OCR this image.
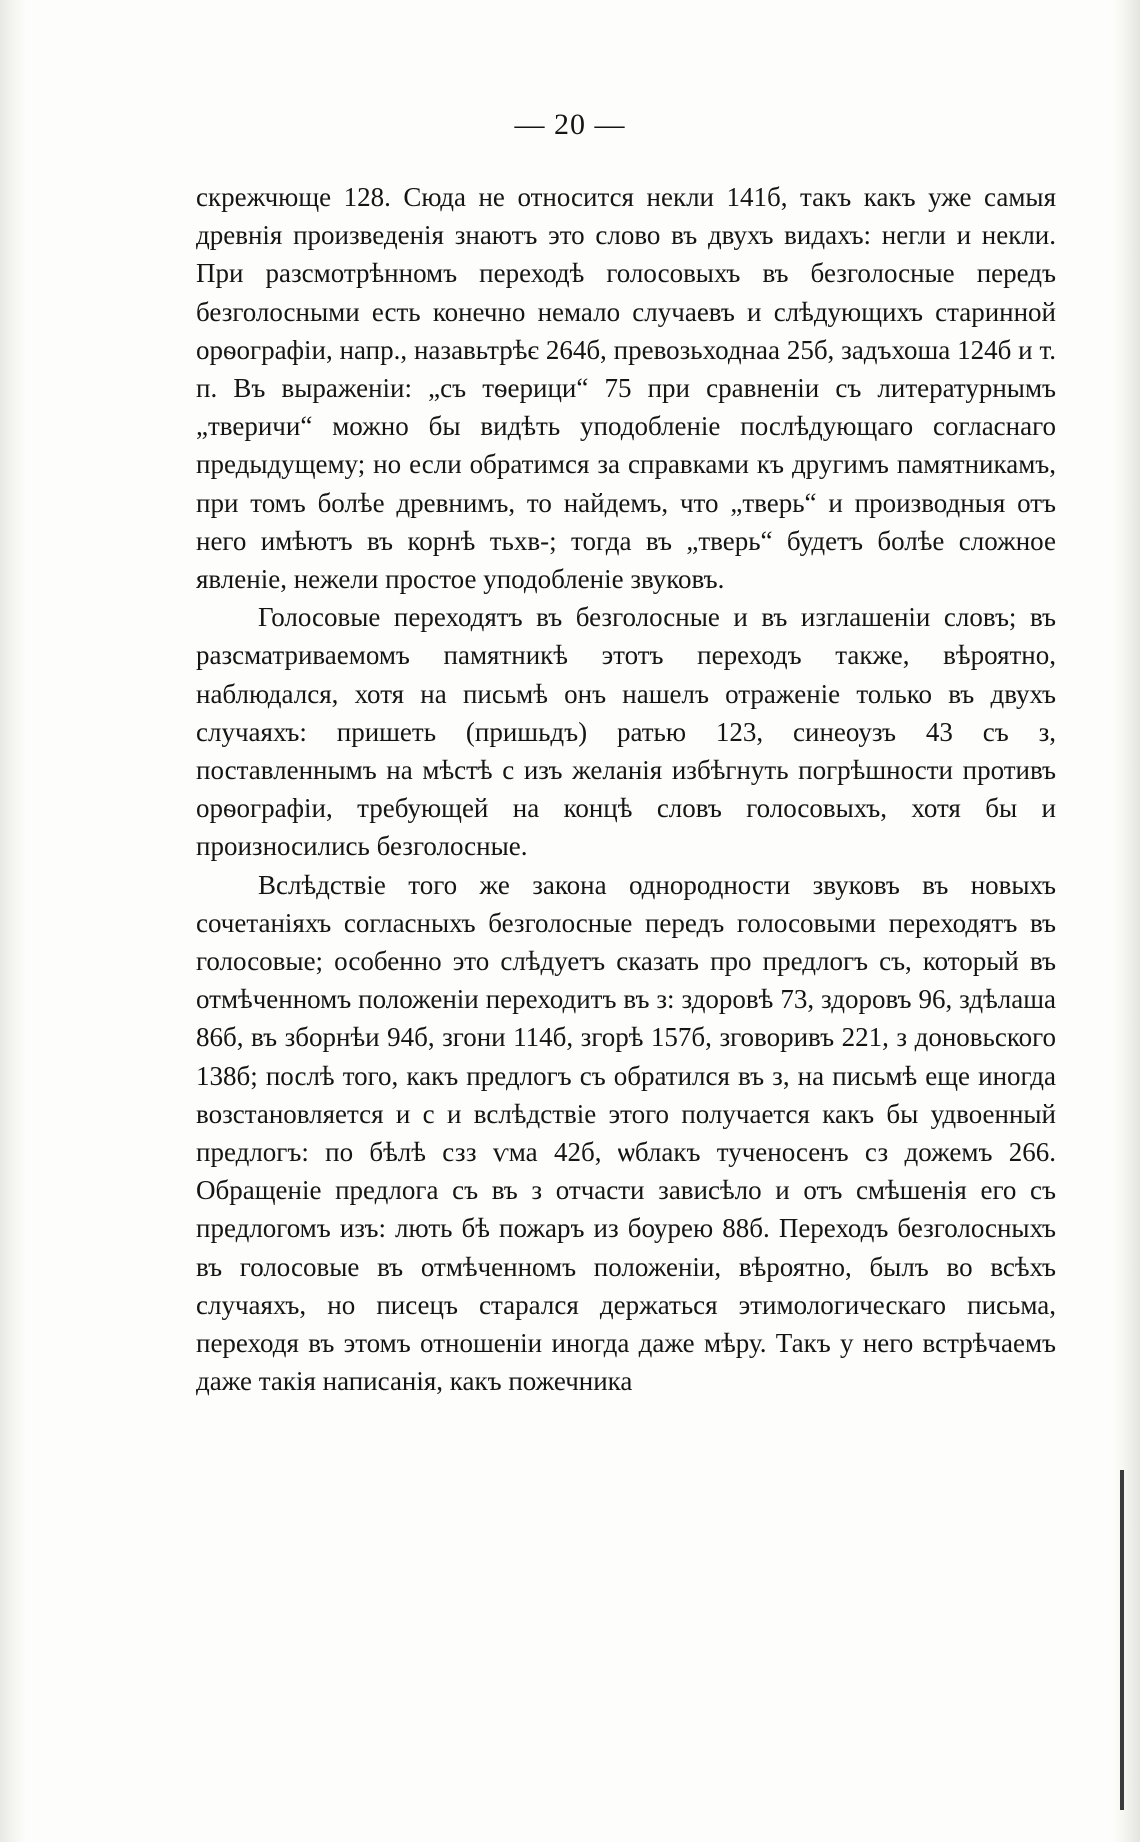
— 20 —

скрежчюще 128. Сюда не относится некли 141б, такъ какъ уже самыя древнія произведенія знаютъ это слово въ двухъ видахъ: негли и некли. При разсмотрѣнномъ переходѣ голосовыхъ въ безголосные передъ безголосными есть конечно немало случаевъ и слѣдующихъ старинной орѳографіи, напр., назавьтрѣє 264б, превозьходнаа 25б, задъхоша 124б и т. п. Въ выраженіи: „съ тѳерици“ 75 при сравненіи съ литературнымъ „тверичи“ можно бы видѣть уподобленіе послѣдующаго согласнаго предыдущему; но если обратимся за справками къ другимъ памятникамъ, при томъ болѣе древнимъ, то найдемъ, что „тверь“ и производныя отъ него имѣютъ въ корнѣ тьхв-; тогда въ „тверь“ будетъ болѣе сложное явленіе, нежели простое уподобленіе звуковъ.

Голосовые переходятъ въ безголосные и въ изглашеніи словъ; въ разсматриваемомъ памятникѣ этотъ переходъ также, вѣроятно, наблюдался, хотя на письмѣ онъ нашелъ отраженіе только въ двухъ случаяхъ: пришеть (пришьдъ) ратью 123, синеоузъ 43 съ з, поставленнымъ на мѣстѣ с изъ желанія избѣгнуть погрѣшности противъ орѳографіи, требующей на концѣ словъ голосовыхъ, хотя бы и произносились безголосные.

Вслѣдствіе того же закона однородности звуковъ въ новыхъ сочетаніяхъ согласныхъ безголосные передъ голосовыми переходятъ въ голосовые; особенно это слѣдуетъ сказать про предлогъ съ, который въ отмѣченномъ положеніи переходитъ въ з: здоровѣ 73, здоровъ 96, здѣлаша 86б, въ зборнѣи 94б, згони 114б, згорѣ 157б, зговоривъ 221, з доновьского 138б; послѣ того, какъ предлогъ съ обратился въ з, на письмѣ еще иногда возстановляется и с и вслѣдствіе этого получается какъ бы удвоенный предлогъ: по бѣлѣ сзз ѵма 42б, ѡблакъ тученосенъ сз дожемъ 266. Обращеніе предлога съ въ з отчасти зависѣло и отъ смѣшенія его съ предлогомъ изъ: лють бѣ пожаръ из боурею 88б. Переходъ безголосныхъ въ голосовые въ отмѣченномъ положеніи, вѣроятно, былъ во всѣхъ случаяхъ, но писецъ старался держаться этимологическаго письма, переходя въ этомъ отношеніи иногда даже мѣру. Такъ у него встрѣчаемъ даже такія написанія, какъ пожечника
